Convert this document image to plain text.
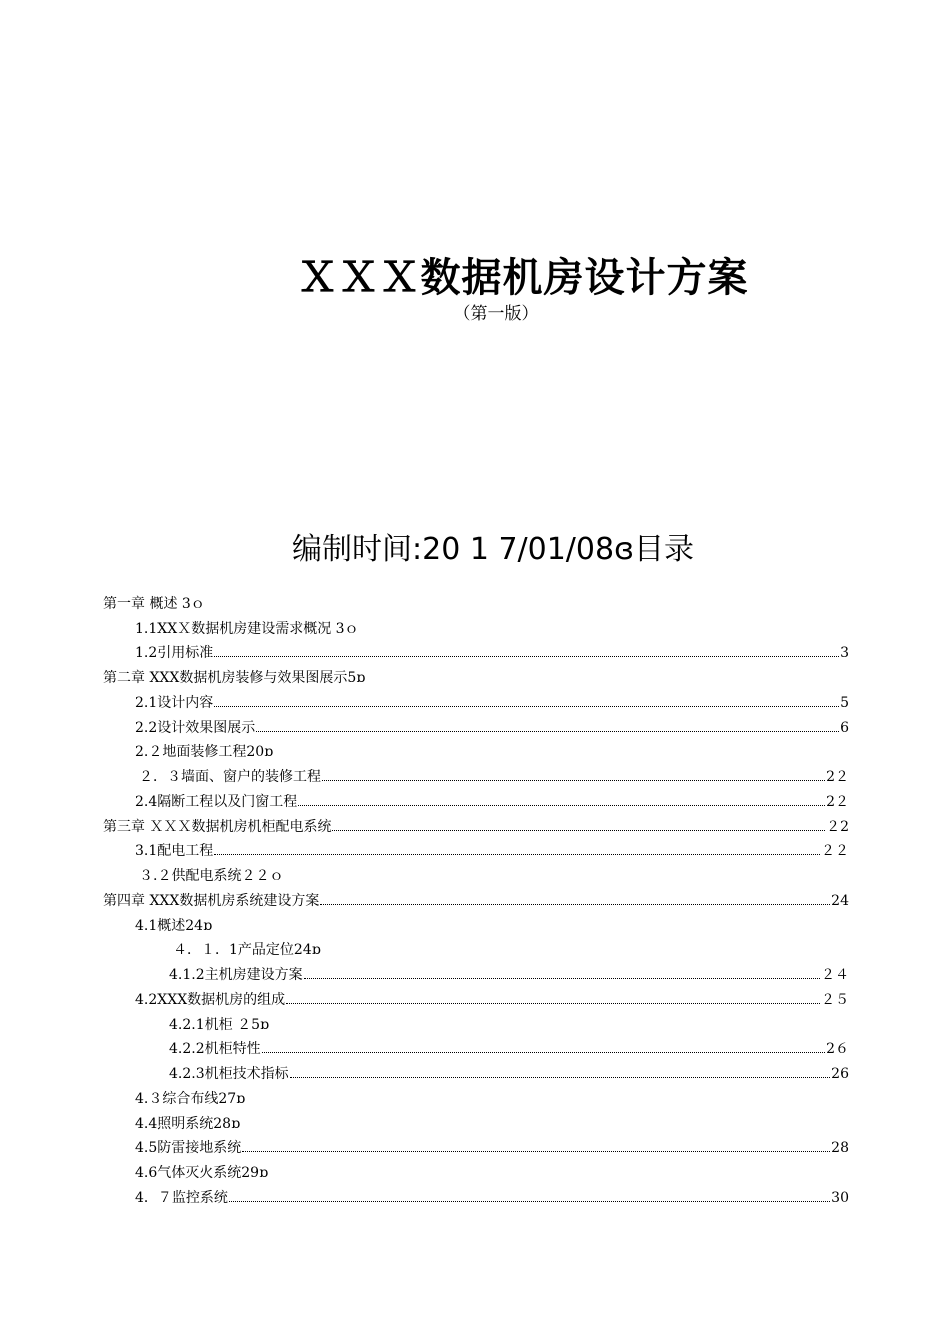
ＸＸＸ数据机房设计方案
（第一版）
编制时间:20 1 7/01/08ɞ目录
第一章 概述 3ｏ
1.1XXＸ数据机房建设需求概况 3ｏ
1.2引用标准	3
第二章 XXX数据机房装修与效果图展示5ɒ
2.1设计内容	5
2.2设计效果图展示	6
2.２地面装修工程20ɒ
２．３墙面、窗户的装修工程	2２
2.4隔断工程以及门窗工程	2２
第三章 ＸＸＸ数据机房机柜配电系统	２2
3.1配电工程	２２
３.２供配电系统２２ｏ
第四章 XXX数据机房系统建设方案	24
4.1概述24ɒ
４．１．1产品定位24ɒ
4.1.2主机房建设方案	２４
4.2XXX数据机房的组成	２５
4.2.1机柜 ２5ɒ
4.2.2机柜特性	2６
4.2.3机柜技术指标	26
4.３综合布线27ɒ
4.4照明系统28ɒ
4.5防雷接地系统	28
4.6气体灭火系统29ɒ
4．７监控系统	30
